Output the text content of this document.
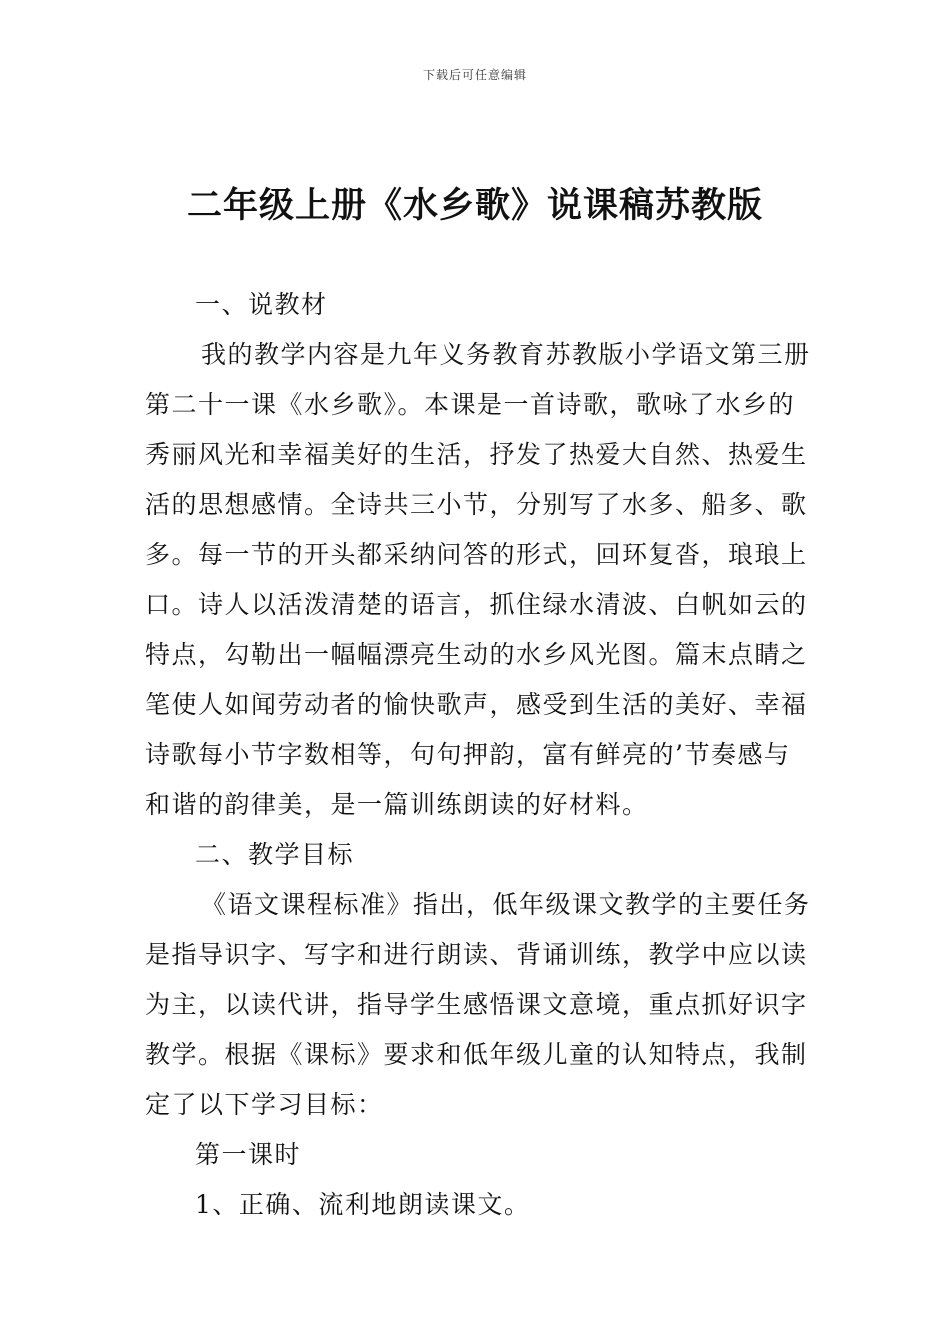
下载后可任意编辑
二年级上册《水乡歌》说课稿苏教版

一、说教材

我的教学内容是九年义务教育苏教版小学语文第三册
第二十一课《水乡歌》。本课是一首诗歌，歌咏了水乡的
秀丽风光和幸福美好的生活，抒发了热爱大自然、热爱生
活的思想感情。全诗共三小节，分别写了水多、船多、歌
多。每一节的开头都采纳问答的形式，回环复沓，琅琅上
口。诗人以活泼清楚的语言，抓住绿水清波、白帆如云的
特点，勾勒出一幅幅漂亮生动的水乡风光图。篇末点睛之
笔使人如闻劳动者的愉快歌声，感受到生活的美好、幸福
诗歌每小节字数相等，句句押韵，富有鲜亮的’节奏感与
和谐的韵律美，是一篇训练朗读的好材料。

二、教学目标

《语文课程标准》指出，低年级课文教学的主要任务
是指导识字、写字和进行朗读、背诵训练，教学中应以读
为主，以读代讲，指导学生感悟课文意境，重点抓好识字
教学。根据《课标》要求和低年级儿童的认知特点，我制
定了以下学习目标：

第一课时

1、正确、流利地朗读课文。
